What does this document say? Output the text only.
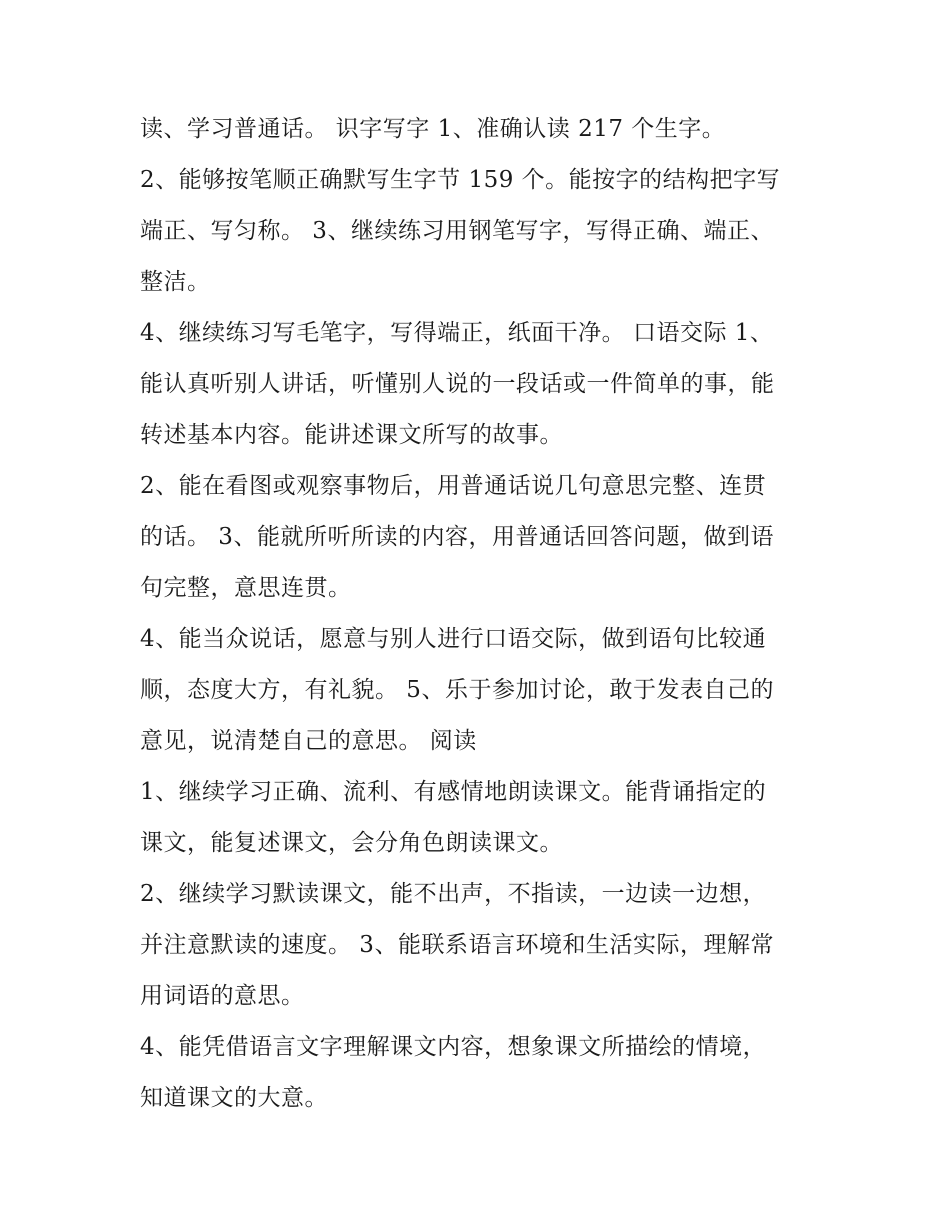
读、学习普通话。 识字写字 1、准确认读 217 个生字。
2、能够按笔顺正确默写生字节 159 个。能按字的结构把字写
端正、写匀称。 3、继续练习用钢笔写字，写得正确、端正、
整洁。
4、继续练习写毛笔字，写得端正，纸面干净。 口语交际 1、
能认真听别人讲话，听懂别人说的一段话或一件简单的事，能
转述基本内容。能讲述课文所写的故事。
2、能在看图或观察事物后，用普通话说几句意思完整、连贯
的话。 3、能就所听所读的内容，用普通话回答问题，做到语
句完整，意思连贯。
4、能当众说话，愿意与别人进行口语交际，做到语句比较通
顺，态度大方，有礼貌。 5、乐于参加讨论，敢于发表自己的
意见，说清楚自己的意思。 阅读
1、继续学习正确、流利、有感情地朗读课文。能背诵指定的
课文，能复述课文，会分角色朗读课文。
2、继续学习默读课文，能不出声，不指读，一边读一边想，
并注意默读的速度。 3、能联系语言环境和生活实际，理解常
用词语的意思。
4、能凭借语言文字理解课文内容，想象课文所描绘的情境，
知道课文的大意。
